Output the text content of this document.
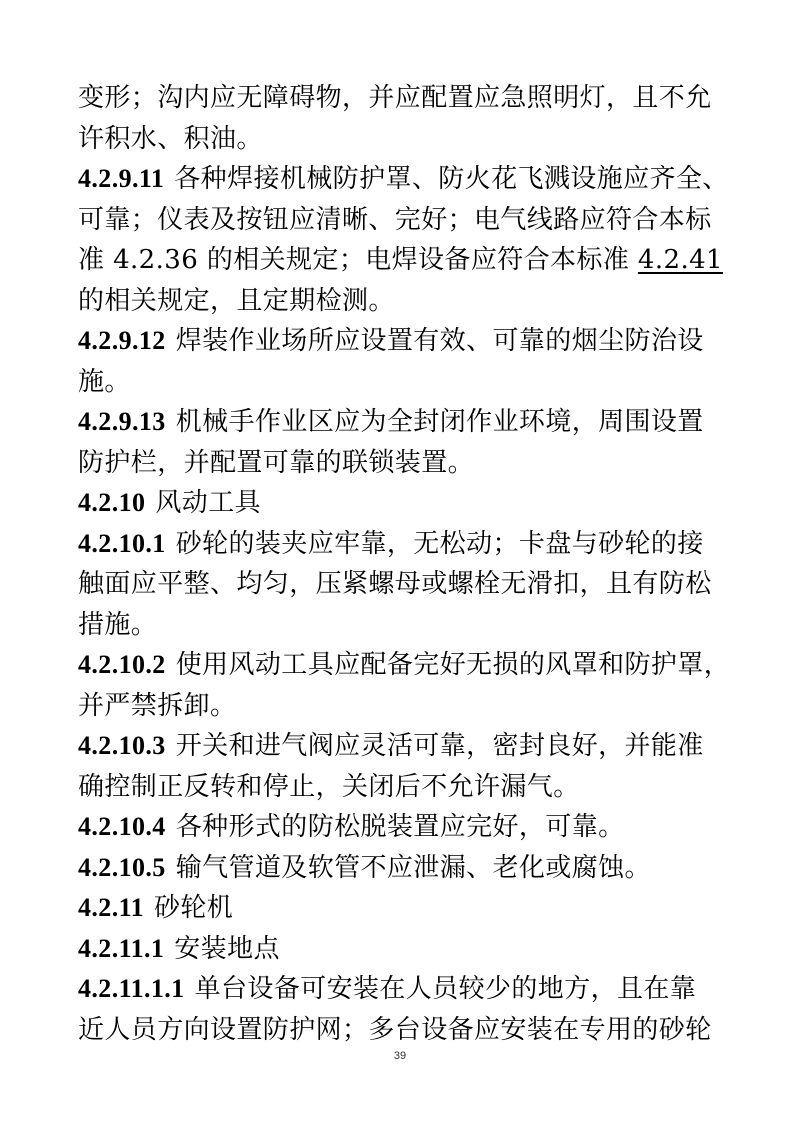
变形；沟内应无障碍物，并应配置应急照明灯，且不允
许积水、积油。
4.2.9.11 各种焊接机械防护罩、防火花飞溅设施应齐全、
可靠；仪表及按钮应清晰、完好；电气线路应符合本标
准 4.2.36 的相关规定；电焊设备应符合本标准 4.2.41
的相关规定，且定期检测。
4.2.9.12 焊装作业场所应设置有效、可靠的烟尘防治设
施。
4.2.9.13 机械手作业区应为全封闭作业环境，周围设置
防护栏，并配置可靠的联锁装置。
4.2.10 风动工具
4.2.10.1 砂轮的装夹应牢靠，无松动；卡盘与砂轮的接
触面应平整、均匀，压紧螺母或螺栓无滑扣，且有防松
措施。
4.2.10.2 使用风动工具应配备完好无损的风罩和防护罩，
并严禁拆卸。
4.2.10.3 开关和进气阀应灵活可靠，密封良好，并能准
确控制正反转和停止，关闭后不允许漏气。
4.2.10.4 各种形式的防松脱装置应完好，可靠。
4.2.10.5 输气管道及软管不应泄漏、老化或腐蚀。
4.2.11 砂轮机
4.2.11.1 安装地点
4.2.11.1.1 单台设备可安装在人员较少的地方，且在靠
近人员方向设置防护网；多台设备应安装在专用的砂轮
39
